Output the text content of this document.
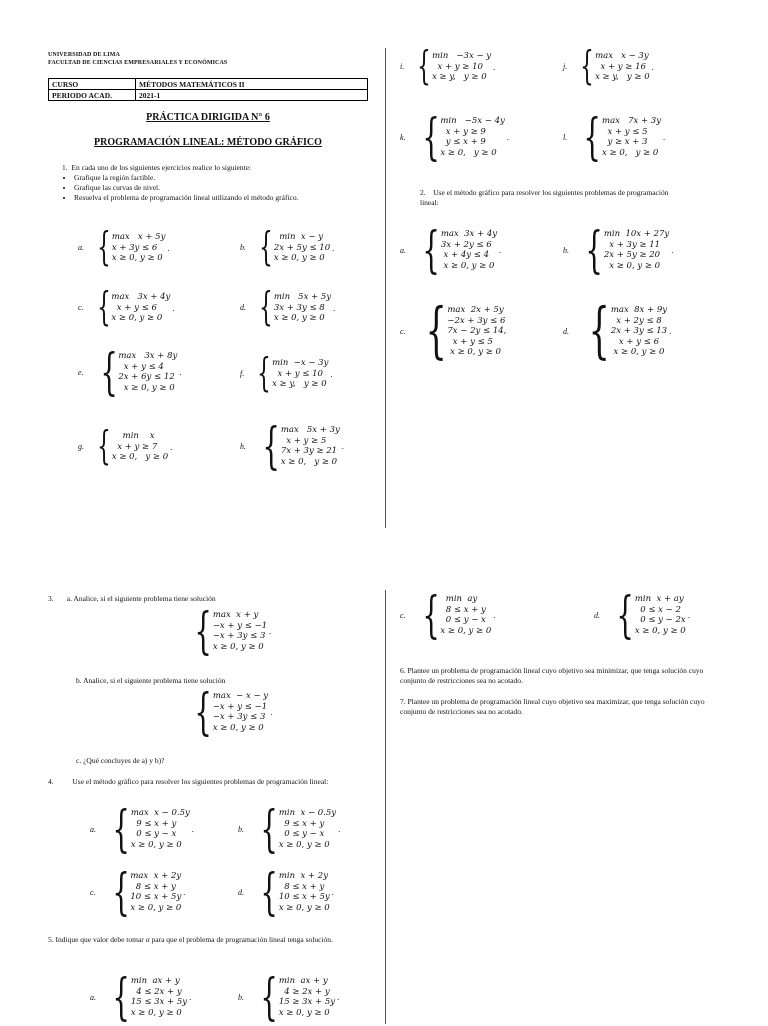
UNIVERSIDAD DE LIMA
FACULTAD DE CIENCIAS EMPRESARIALES Y ECONÓMICAS
CURSO	MÉTODOS MATEMÁTICOS II
PERIODO ACAD.	2021-1
PRÁCTICA DIRIGIDA N° 6
PROGRAMACIÓN LINEAL: MÉTODO GRÁFICO
1. En cada uno de los siguientes ejercicios realice lo siguiente:
• Grafique la región factible.
• Grafique las curvas de nivel.
• Resuelva el problema de programación lineal utilizando el método gráfico.
a. { max   x + 5y
x + 3y ≤ 6
x ≥ 0, y ≥ 0
.	b. { min  x − y
2x + 5y ≤ 10
x ≥ 0, y ≥ 0
.
c. { max   3x + 4y
x + y ≤ 6
x ≥ 0, y ≥ 0
.	d. { min   5x + 5y
3x + 3y ≤ 8
x ≥ 0, y ≥ 0
.
e. { max   3x + 8y
x + y ≤ 4
2x + 6y ≤ 12
x ≥ 0, y ≥ 0
.	f. { min  −x − 3y
x + y ≤ 10
x ≥ y,   y ≥ 0
.
g. { min    x
x + y ≥ 7
x ≥ 0,   y ≥ 0
.	h. { max   5x + 3y
x + y ≥ 5
7x + 3y ≥ 21
x ≥ 0,   y ≥ 0
.
i. { min   −3x − y
x + y ≥ 10
x ≥ y,   y ≥ 0
.	j. { max   x − 3y
x + y ≥ 16
x ≥ y,   y ≥ 0
.
k. { min   −5x − 4y
x + y ≥ 9
y ≤ x + 9
x ≥ 0,   y ≥ 0
.	l. { max   7x + 3y
x + y ≤ 5
y ≥ x + 3
x ≥ 0,   y ≥ 0
.
2. Use el método gráfico para resolver los siguientes problemas de programación lineal:
a. { max  3x + 4y
3x + 2y ≤ 6
x + 4y ≤ 4
x ≥ 0, y ≥ 0
.	b. { min  10x + 27y
x + 3y ≥ 11
2x + 5y ≥ 20
x ≥ 0, y ≥ 0
.
c. { max  2x + 5y
−2x + 3y ≤ 6
7x − 2y ≤ 14,
x + y ≤ 5
x ≥ 0, y ≥ 0
d. { max  8x + 9y
x + 2y ≤ 8
2x + 3y ≤ 13
x + y ≤ 6
x ≥ 0, y ≥ 0
.
3. a. Analice, si el siguiente problema tiene solución
{ max  x + y
−x + y ≤ −1
−x + 3y ≤ 3
x ≥ 0, y ≥ 0
.
b. Analice, si el siguiente problema tiene solución
{ max  − x − y
−x + y ≤ −1
−x + 3y ≤ 3
x ≥ 0, y ≥ 0
.
c. ¿Qué concluyes de a) y b)?
4.	Use el método gráfico para resolver los siguientes problemas de programación lineal:
a. { max  x − 0.5y
9 ≤ x + y
0 ≤ y − x
x ≥ 0, y ≥ 0
.	b. { min  x − 0.5y
9 ≤ x + y
0 ≤ y − x
x ≥ 0, y ≥ 0
.
c. { max  x + 2y
8 ≤ x + y
10 ≤ x + 5y
x ≥ 0, y ≥ 0
.	d. { min  x + 2y
8 ≤ x + y
10 ≤ x + 5y
x ≥ 0, y ≥ 0
.
5. Indique que valor debe tomar α para que el problema de programación lineal tenga solución.
a. { min  ax + y
4 ≤ 2x + y
15 ≤ 3x + 5y
x ≥ 0, y ≥ 0
.	b. { min  ax + y
4 ≥ 2x + y
15 ≥ 3x + 5y
x ≥ 0, y ≥ 0
.
c. { min  ay
8 ≤ x + y
0 ≤ y − x
x ≥ 0, y ≥ 0
.	d. { min  x + ay
0 ≤ x − 2
0 ≤ y − 2x
x ≥ 0, y ≥ 0
.
6. Plantee un problema de programación lineal cuyo objetivo sea minimizar, que tenga solución cuyo conjunto de restricciones sea no acotado.
7. Plantee un problema de programación lineal cuyo objetivo sea maximizar, que tenga solución cuyo conjunto de restricciones sea no acotado.
